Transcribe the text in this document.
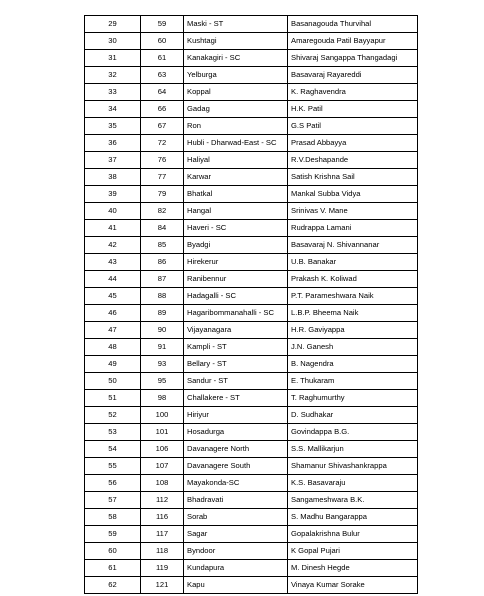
29	59	Maski - ST	Basanagouda Thurvihal
30	60	Kushtagi	Amaregouda Patil Bayyapur
31	61	Kanakagiri - SC	Shivaraj Sangappa Thangadagi
32	63	Yelburga	Basavaraj Rayareddi
33	64	Koppal	K. Raghavendra
34	66	Gadag	H.K. Patil
35	67	Ron	G.S Patil
36	72	Hubli - Dharwad-East - SC	Prasad Abbayya
37	76	Haliyal	R.V.Deshapande
38	77	Karwar	Satish Krishna Sail
39	79	Bhatkal	Mankal Subba Vidya
40	82	Hangal	Srinivas V. Mane
41	84	Haveri - SC	Rudrappa Lamani
42	85	Byadgi	Basavaraj N. Shivannanar
43	86	Hirekerur	U.B. Banakar
44	87	Ranibennur	Prakash K. Koliwad
45	88	Hadagalli - SC	P.T. Parameshwara Naik
46	89	Hagaribommanahalli - SC	L.B.P. Bheema Naik
47	90	Vijayanagara	H.R. Gaviyappa
48	91	Kampli - ST	J.N. Ganesh
49	93	Bellary - ST	B. Nagendra
50	95	Sandur - ST	E. Thukaram
51	98	Challakere - ST	T. Raghumurthy
52	100	Hiriyur	D. Sudhakar
53	101	Hosadurga	Govindappa B.G.
54	106	Davanagere North	S.S. Mallikarjun
55	107	Davanagere South	Shamanur Shivashankrappa
56	108	Mayakonda-SC	K.S. Basavaraju
57	112	Bhadravati	Sangameshwara B.K.
58	116	Sorab	S. Madhu Bangarappa
59	117	Sagar	Gopalakrishna Bulur
60	118	Byndoor	K Gopal Pujari
61	119	Kundapura	M. Dinesh Hegde
62	121	Kapu	Vinaya Kumar Sorake
